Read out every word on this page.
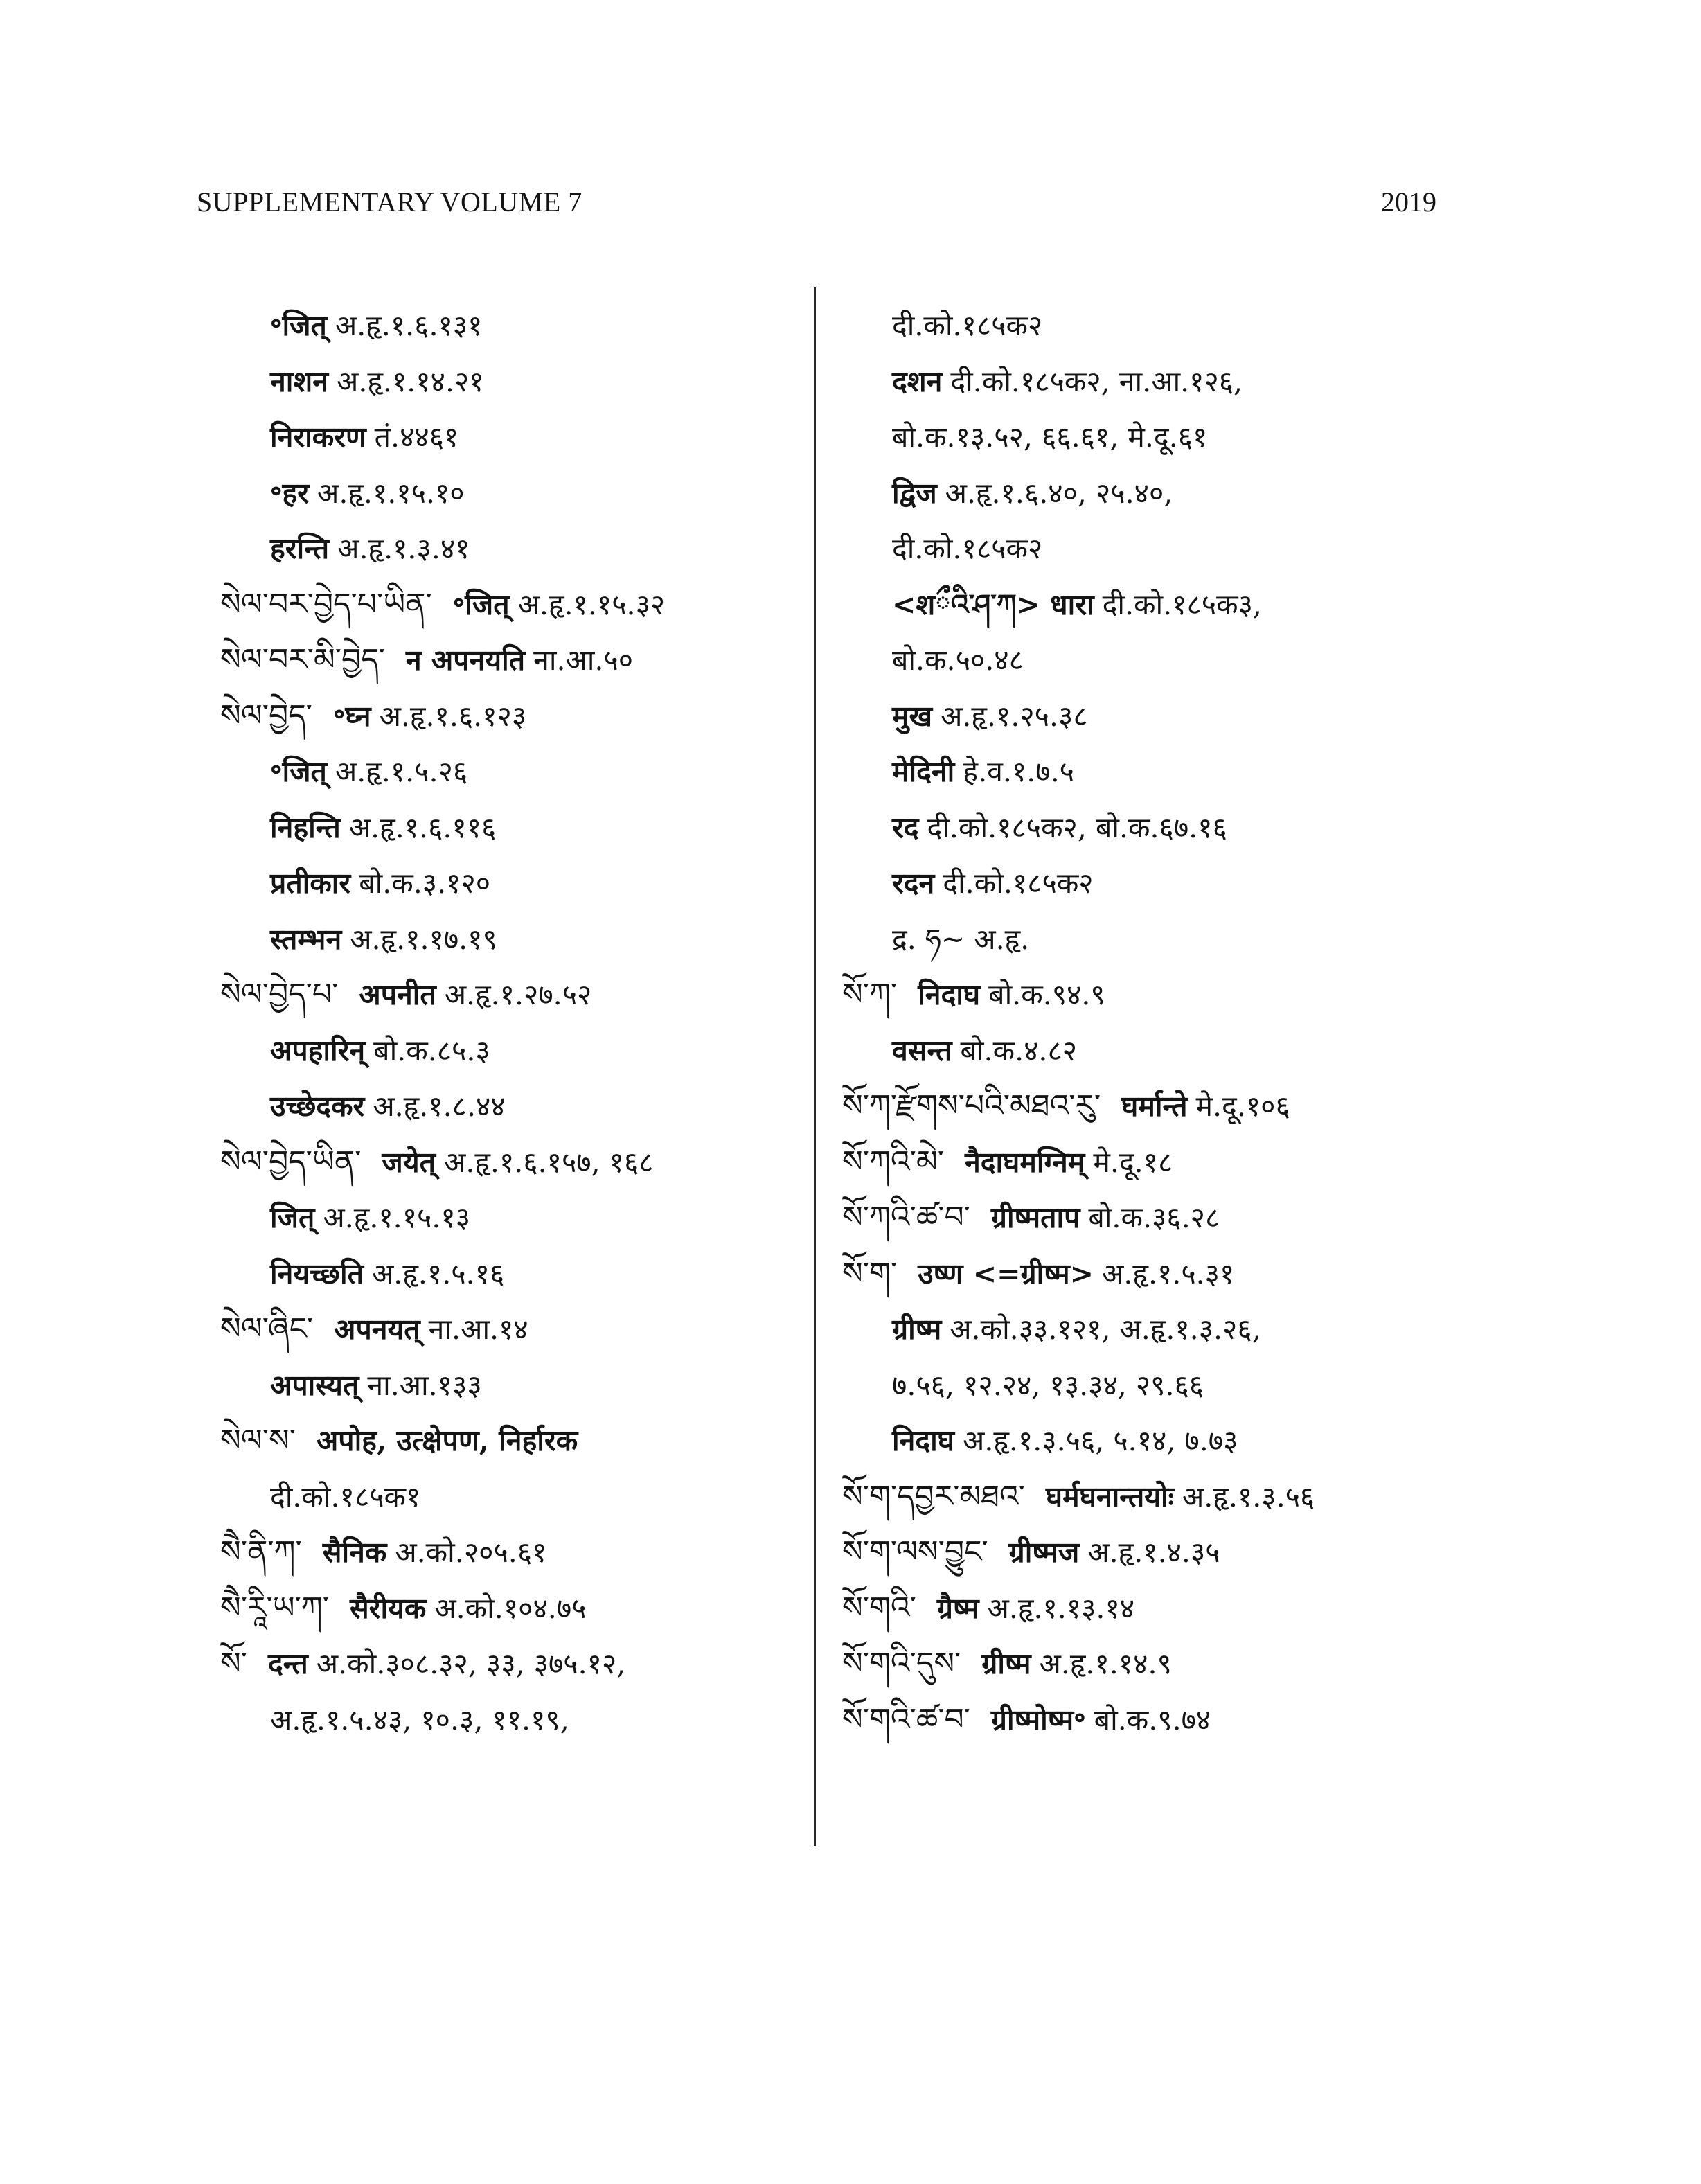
SUPPLEMENTARY VOLUME 7	2019
॰जित् अ.हृ.१.६.१३१
नाशन अ.हृ.१.१४.२१
निराकरण तं.४४६१
॰हर अ.हृ.१.१५.१०
हरन्ति अ.हृ.१.३.४१
སེལ་བར་བྱེད་པ་ཡིན་ ॰जित् अ.हृ.१.१५.३२
སེལ་བར་མི་བྱེད་ न अपनयति ना.आ.५०
སེལ་བྱེད་ ॰घ्न अ.हृ.१.६.१२३
॰जित् अ.हृ.१.५.२६
निहन्ति अ.हृ.१.६.११६
प्रतीकार बो.क.३.१२०
स्तम्भन अ.हृ.१.१७.१९
སེལ་བྱེད་པ་ अपनीत अ.हृ.१.२७.५२
अपहारिन् बो.क.८५.३
उच्छेदकर अ.हृ.१.८.४४
སེལ་བྱེད་ཡིན་ जयेत् अ.हृ.१.६.१५७, १६८
जित् अ.हृ.१.१५.१३
नियच्छति अ.हृ.१.५.१६
སེལ་ཞིང་ अपनयत् ना.आ.१४
अपास्यत् ना.आ.१३३
སེལ་ས་ अपोह, उत्क्षेपण, निर्हारक
दी.को.१८५क१
སཻ་ནི་ཀ་ सैनिक अ.को.२०५.६१
སཻ་རཱི་ཡ་ཀ་ सैरीयक अ.को.१०४.७५
སོ་ दन्त अ.को.३०८.३२, ३३, ३७५.१२,
अ.हृ.१.५.४३, १०.३, ११.१९,
दी.को.१८५क२
दशन दी.को.१८५क२, ना.आ.१२६,
बो.क.१३.५२, ६६.६१, मे.दू.६१
द्विज अ.हृ.१.६.४०, २५.४०,
दी.को.१८५क२
<शྀའི་ཤ་ཀ> धारा दी.को.१८५क३,
बो.क.५०.४८
मुख अ.हृ.१.२५.३८
मेदिनी हे.व.१.७.५
रद दी.को.१८५क२, बो.क.६७.१६
रदन दी.को.१८५क२
द्र. ཧ~ अ.हृ.
སོ་ཀ་ निदाघ बो.क.९४.९
वसन्त बो.क.४.८२
སོ་ཀ་རྫོགས་པའི་མཐའ་རུ་ घर्मान्ते मे.दू.१०६
སོ་ཀའི་མེ་ नैदाघमग्निम् मे.दू.१८
སོ་ཀའི་ཚ་བ་ ग्रीष्मताप बो.क.३६.२८
སོ་ག་ उष्ण <=ग्रीष्म> अ.हृ.१.५.३१
ग्रीष्म अ.को.३३.१२१, अ.हृ.१.३.२६,
७.५६, १२.२४, १३.३४, २९.६६
निदाघ अ.हृ.१.३.५६, ५.१४, ७.७३
སོ་ག་དབྱར་མཐའ་ घर्मघनान्तयोः अ.हृ.१.३.५६
སོ་ག་ལས་བྱུང་ ग्रीष्मज अ.हृ.१.४.३५
སོ་གའི་ ग्रैष्म अ.हृ.१.१३.१४
སོ་གའི་དུས་ ग्रीष्म अ.हृ.१.१४.९
སོ་གའི་ཚ་བ་ ग्रीष्मोष्म॰ बो.क.९.७४
